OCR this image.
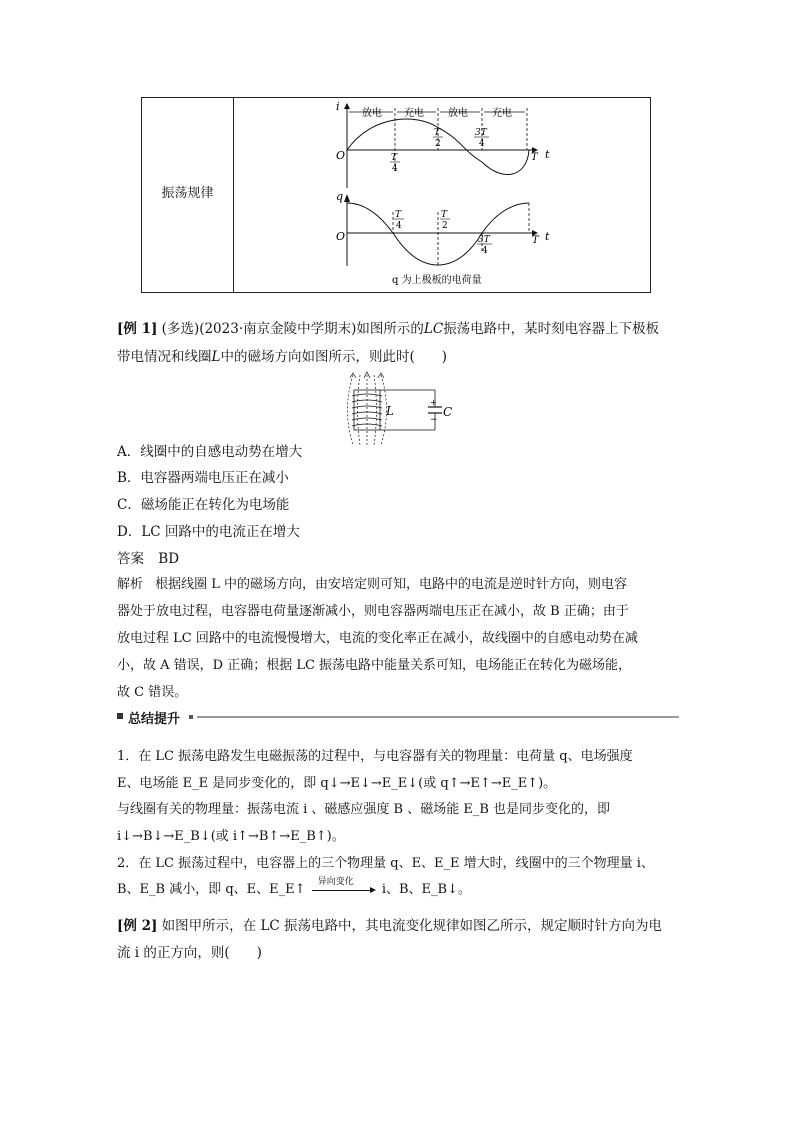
振荡规律
i
t
O	T
放电 充电 放电 充电
T
4
T
2
3T
4
q
t
O	T
T
4
T
2
3T
4
q 为上极板的电荷量
[例 1] (多选)(2023·南京金陵中学期末)如图所示的LC振荡电路中，某时刻电容器上下极板
带电情况和线圈L中的磁场方向如图所示，则此时(　　)
L	C
+
−
A．线圈中的自感电动势在增大
B．电容器两端电压正在减小
C．磁场能正在转化为电场能
D．LC 回路中的电流正在增大
答案 BD
解析 根据线圈 L 中的磁场方向，由安培定则可知，电路中的电流是逆时针方向，则电容
器处于放电过程，电容器电荷量逐渐减小，则电容器两端电压正在减小，故 B 正确；由于
放电过程 LC 回路中的电流慢慢增大，电流的变化率正在减小，故线圈中的自感电动势在减
小，故 A 错误，D 正确；根据 LC 振荡电路中能量关系可知，电场能正在转化为磁场能，
故 C 错误。
总结提升
1．在 LC 振荡电路发生电磁振荡的过程中，与电容器有关的物理量：电荷量 q、电场强度
E、电场能 E_E 是同步变化的，即 q↓→E↓→E_E↓(或 q↑→E↑→E_E↑)。
与线圈有关的物理量：振荡电流 i 、磁感应强度 B 、磁场能 E_B 也是同步变化的，即
i↓→B↓→E_B↓(或 i↑→B↑→E_B↑)。
2．在 LC 振荡过程中，电容器上的三个物理量 q、E、E_E 增大时，线圈中的三个物理量 i、
B、E_B 减小，即 q、E、E_E↑
异向变化
i、B、E_B↓。
[例 2] 如图甲所示，在 LC 振荡电路中，其电流变化规律如图乙所示，规定顺时针方向为电
流 i 的正方向，则(　　)
